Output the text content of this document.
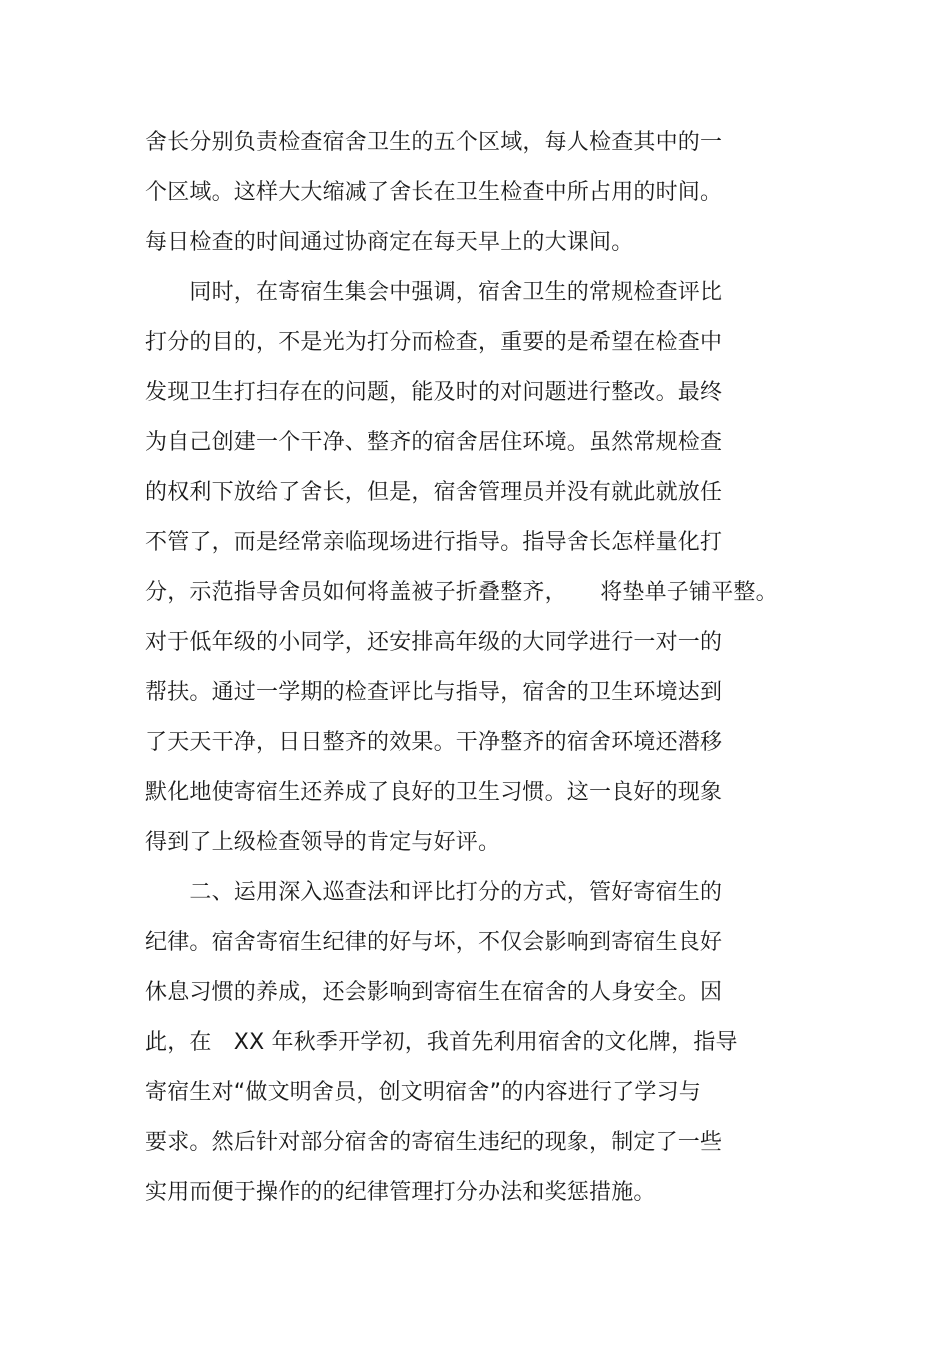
舍长分别负责检查宿舍卫生的五个区域，每人检查其中的一
个区域。这样大大缩减了舍长在卫生检查中所占用的时间。
每日检查的时间通过协商定在每天早上的大课间。
　　同时，在寄宿生集会中强调，宿舍卫生的常规检查评比
打分的目的，不是光为打分而检查，重要的是希望在检查中
发现卫生打扫存在的问题，能及时的对问题进行整改。最终
为自己创建一个干净、整齐的宿舍居住环境。虽然常规检查
的权利下放给了舍长，但是，宿舍管理员并没有就此就放任
不管了，而是经常亲临现场进行指导。指导舍长怎样量化打
分，示范指导舍员如何将盖被子折叠整齐，　　将垫单子铺平整。
对于低年级的小同学，还安排高年级的大同学进行一对一的
帮扶。通过一学期的检查评比与指导，宿舍的卫生环境达到
了天天干净，日日整齐的效果。干净整齐的宿舍环境还潜移
默化地使寄宿生还养成了良好的卫生习惯。这一良好的现象
得到了上级检查领导的肯定与好评。
　　二、运用深入巡查法和评比打分的方式，管好寄宿生的
纪律。宿舍寄宿生纪律的好与坏，不仅会影响到寄宿生良好
休息习惯的养成，还会影响到寄宿生在宿舍的人身安全。因
此，在　XX 年秋季开学初，我首先利用宿舍的文化牌，指导
寄宿生对“做文明舍员，创文明宿舍”的内容进行了学习与
要求。然后针对部分宿舍的寄宿生违纪的现象，制定了一些
实用而便于操作的的纪律管理打分办法和奖惩措施。
